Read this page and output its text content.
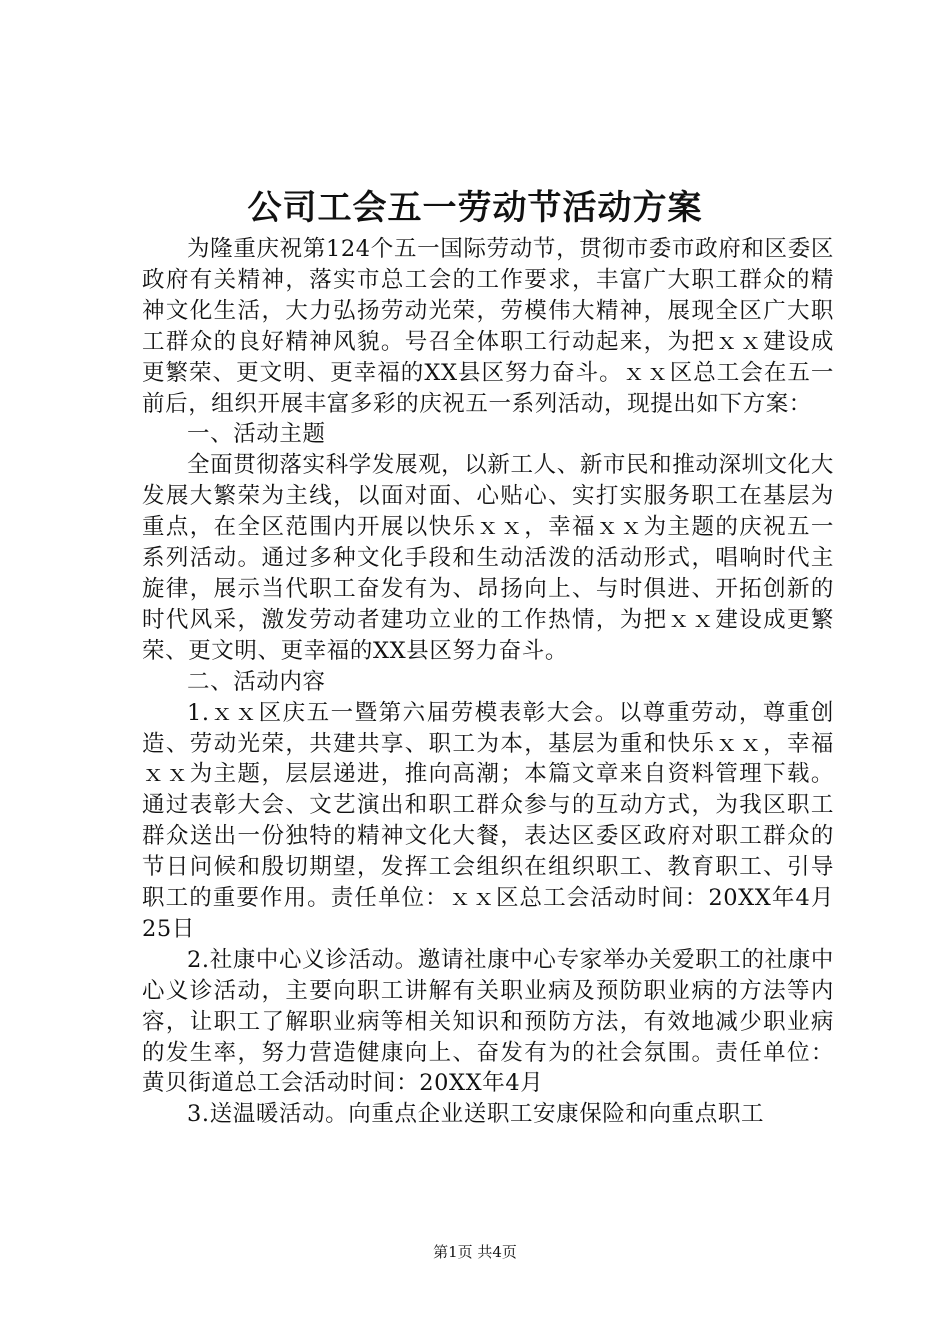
公司工会五一劳动节活动方案

为隆重庆祝第124个五一国际劳动节，贯彻市委市政府和区委区政府有关精神，落实市总工会的工作要求，丰富广大职工群众的精神文化生活，大力弘扬劳动光荣，劳模伟大精神，展现全区广大职工群众的良好精神风貌。号召全体职工行动起来，为把ｘｘ建设成更繁荣、更文明、更幸福的XX县区努力奋斗。ｘｘ区总工会在五一前后，组织开展丰富多彩的庆祝五一系列活动，现提出如下方案：

一、活动主题

全面贯彻落实科学发展观，以新工人、新市民和推动深圳文化大发展大繁荣为主线，以面对面、心贴心、实打实服务职工在基层为重点，在全区范围内开展以快乐ｘｘ，幸福ｘｘ为主题的庆祝五一系列活动。通过多种文化手段和生动活泼的活动形式，唱响时代主旋律，展示当代职工奋发有为、昂扬向上、与时俱进、开拓创新的时代风采，激发劳动者建功立业的工作热情，为把ｘｘ建设成更繁荣、更文明、更幸福的XX县区努力奋斗。

二、活动内容

1.ｘｘ区庆五一暨第六届劳模表彰大会。以尊重劳动，尊重创造、劳动光荣，共建共享、职工为本，基层为重和快乐ｘｘ，幸福ｘｘ为主题，层层递进，推向高潮；本篇文章来自资料管理下载。通过表彰大会、文艺演出和职工群众参与的互动方式，为我区职工群众送出一份独特的精神文化大餐，表达区委区政府对职工群众的节日问候和殷切期望，发挥工会组织在组织职工、教育职工、引导职工的重要作用。责任单位：ｘｘ区总工会活动时间：20XX年4月25日

2.社康中心义诊活动。邀请社康中心专家举办关爱职工的社康中心义诊活动，主要向职工讲解有关职业病及预防职业病的方法等内容，让职工了解职业病等相关知识和预防方法，有效地减少职业病的发生率，努力营造健康向上、奋发有为的社会氛围。责任单位：黄贝街道总工会活动时间：20XX年4月

3.送温暖活动。向重点企业送职工安康保险和向重点职工

第1页 共4页
